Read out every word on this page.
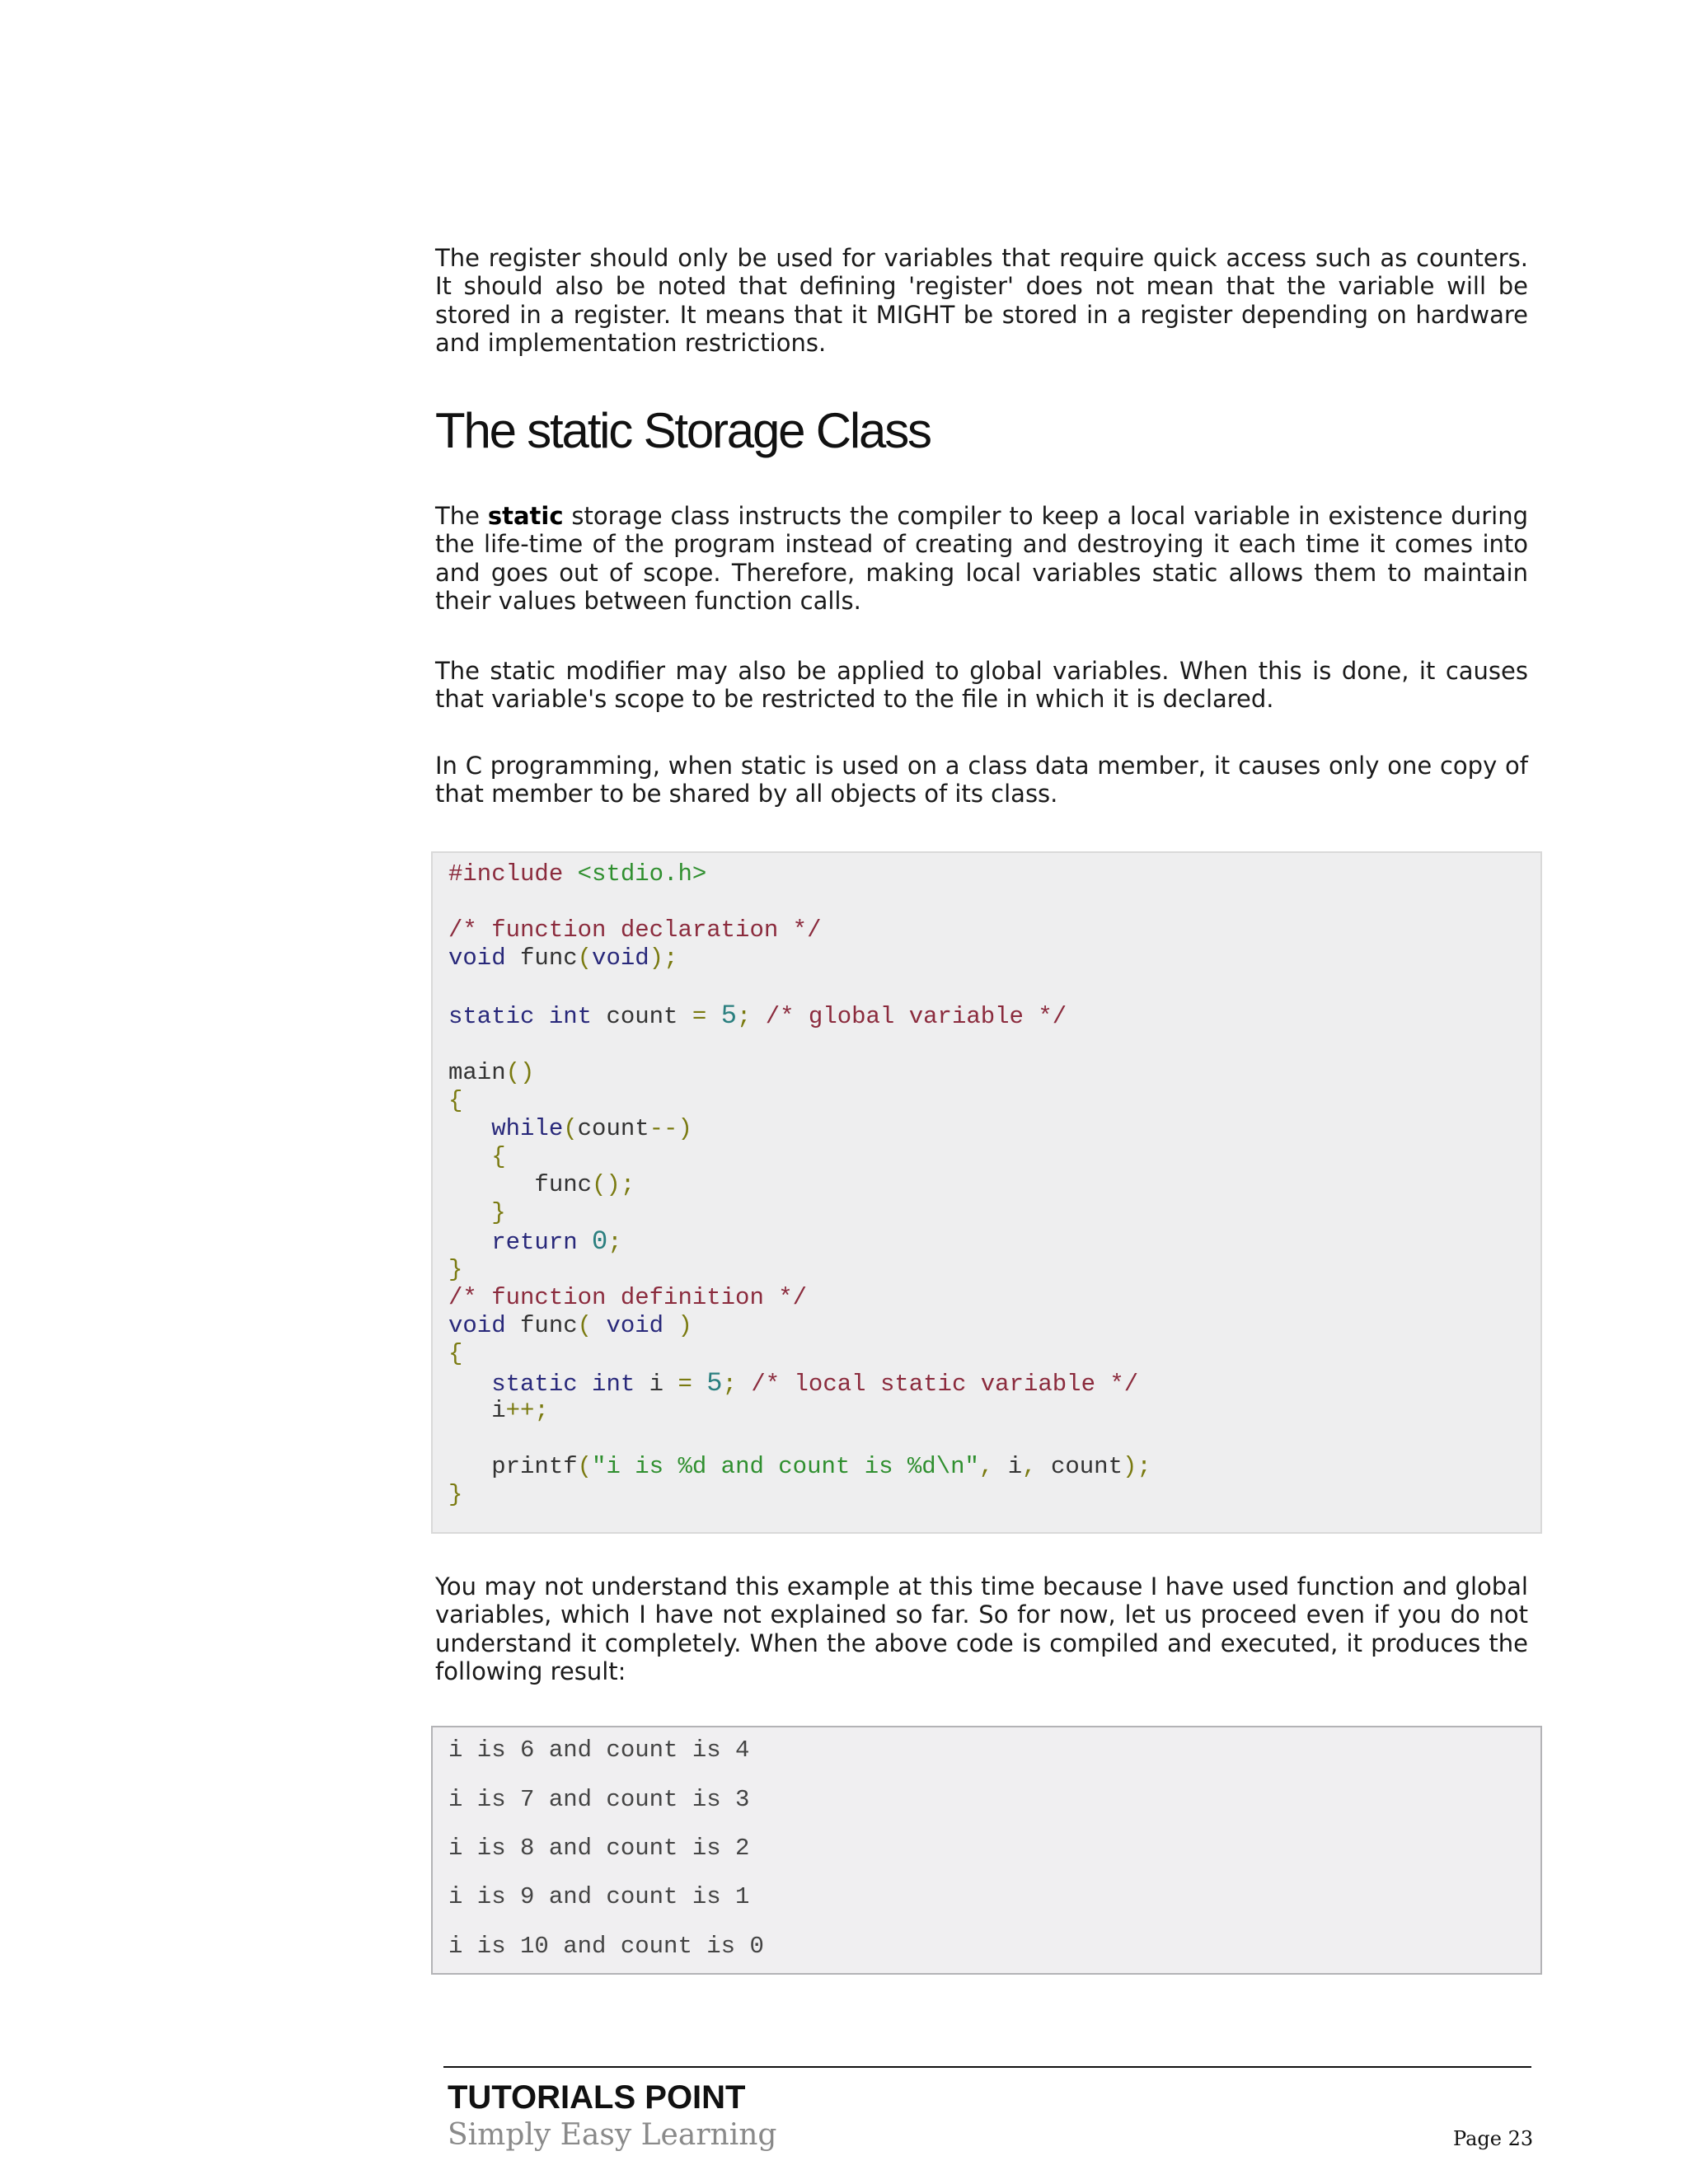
The register should only be used for variables that require quick access such as counters. It should also be noted that defining 'register' does not mean that the variable will be stored in a register. It means that it MIGHT be stored in a register depending on hardware and implementation restrictions.

The static Storage Class

The static storage class instructs the compiler to keep a local variable in existence during the life-time of the program instead of creating and destroying it each time it comes into and goes out of scope. Therefore, making local variables static allows them to maintain their values between function calls.

The static modifier may also be applied to global variables. When this is done, it causes that variable's scope to be restricted to the file in which it is declared.

In C programming, when static is used on a class data member, it causes only one copy of that member to be shared by all objects of its class.

#include <stdio.h>
/* function declaration */
void func(void);
static int count = 5; /* global variable */
main()
{
while(count--)
{
func();
}
return 0;
}
/* function definition */
void func( void )
{
static int i = 5; /* local static variable */
i++;
printf("i is %d and count is %d\n", i, count);
}

You may not understand this example at this time because I have used function and global variables, which I have not explained so far. So for now, let us proceed even if you do not understand it completely. When the above code is compiled and executed, it produces the following result:

i is 6 and count is 4
i is 7 and count is 3
i is 8 and count is 2
i is 9 and count is 1
i is 10 and count is 0
TUTORIALS POINT
Simply Easy Learning	Page 23
